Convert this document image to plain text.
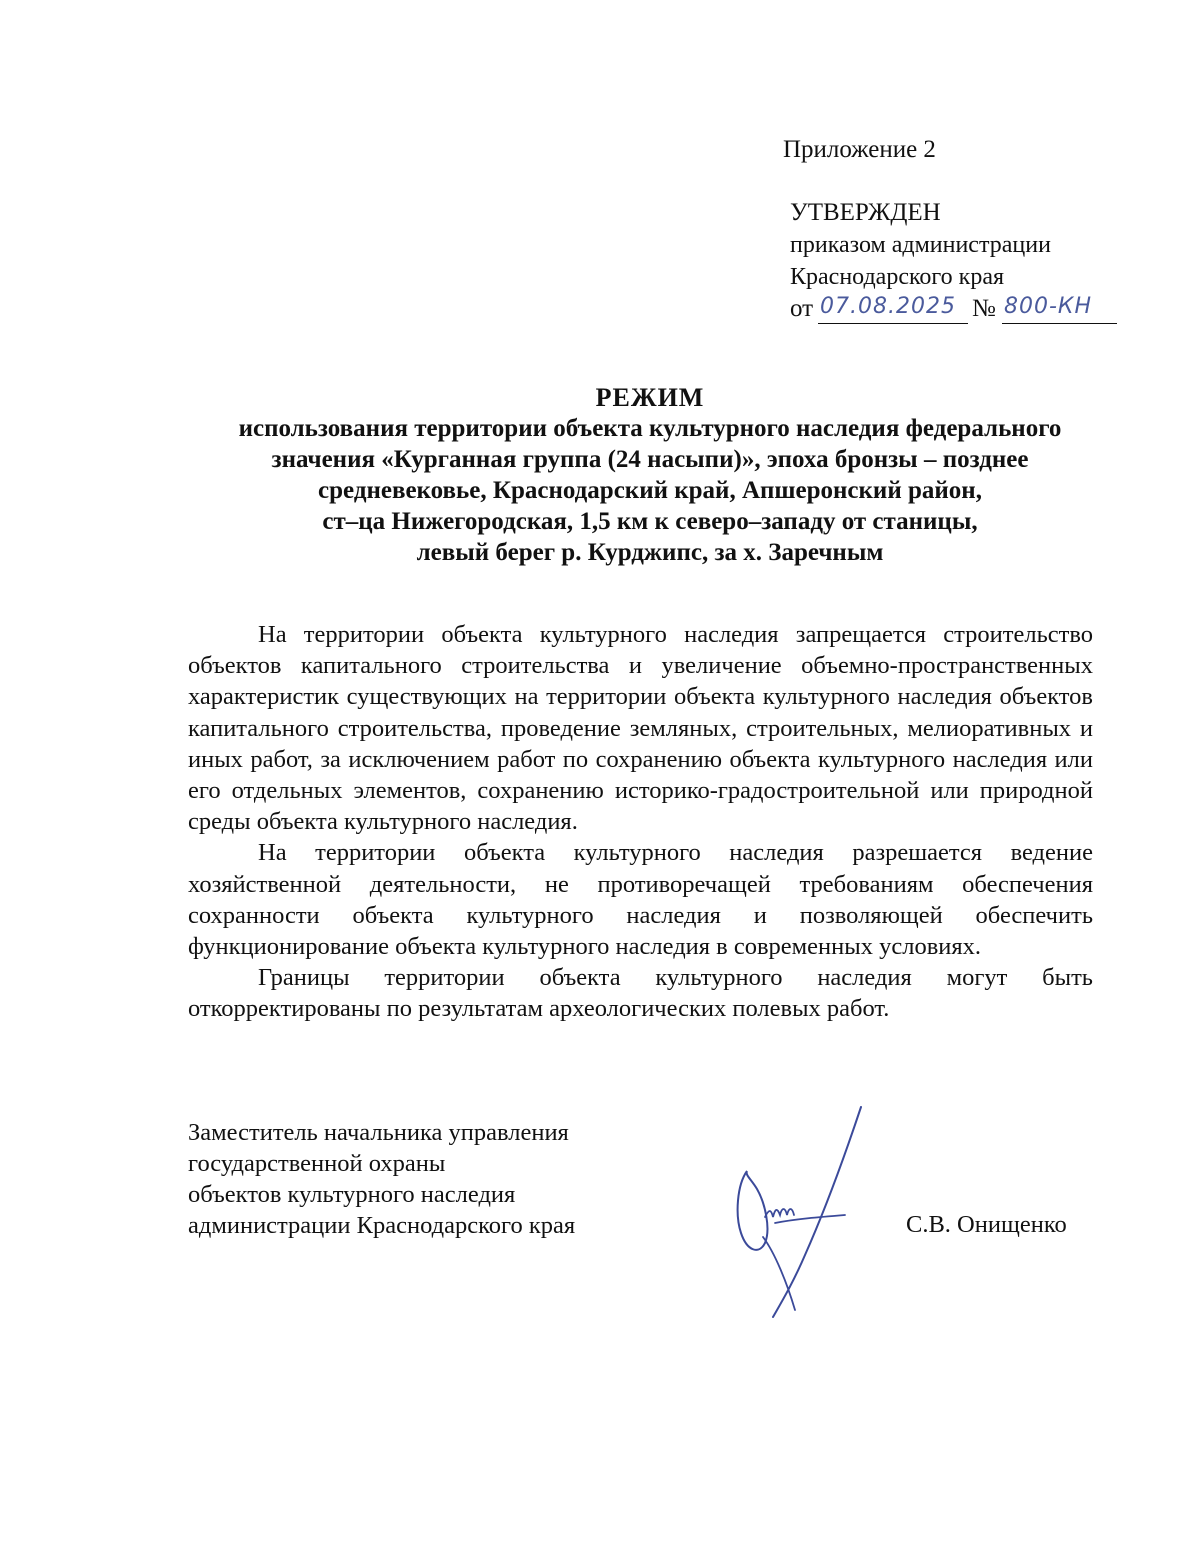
Приложение 2
УТВЕРЖДЕН
приказом администрации
Краснодарского края
от 07.08.2025 № 800-КН
РЕЖИМ
использования территории объекта культурного наследия федерального
значения «Курганная группа (24 насыпи)», эпоха бронзы – позднее
средневековье, Краснодарский край, Апшеронский район,
ст–ца Нижегородская, 1,5 км к северо–западу от станицы,
левый берег р. Курджипс, за х. Заречным

На территории объекта культурного наследия запрещается строительство объектов капитального строительства и увеличение объемно-пространственных характеристик существующих на территории объекта культурного наследия объектов капитального строительства, проведение земляных, строительных, мелиоративных и иных работ, за исключением работ по сохранению объекта культурного наследия или его отдельных элементов, сохранению историко-градостроительной или природной среды объекта культурного наследия.

На территории объекта культурного наследия разрешается ведение хозяйственной деятельности, не противоречащей требованиям обеспечения сохранности объекта культурного наследия и позволяющей обеспечить функционирование объекта культурного наследия в современных условиях.

Границы территории объекта культурного наследия могут быть откорректированы по результатам археологических полевых работ.

Заместитель начальника управления
государственной охраны
объектов культурного наследия
администрации Краснодарского края	С.В. Онищенко
